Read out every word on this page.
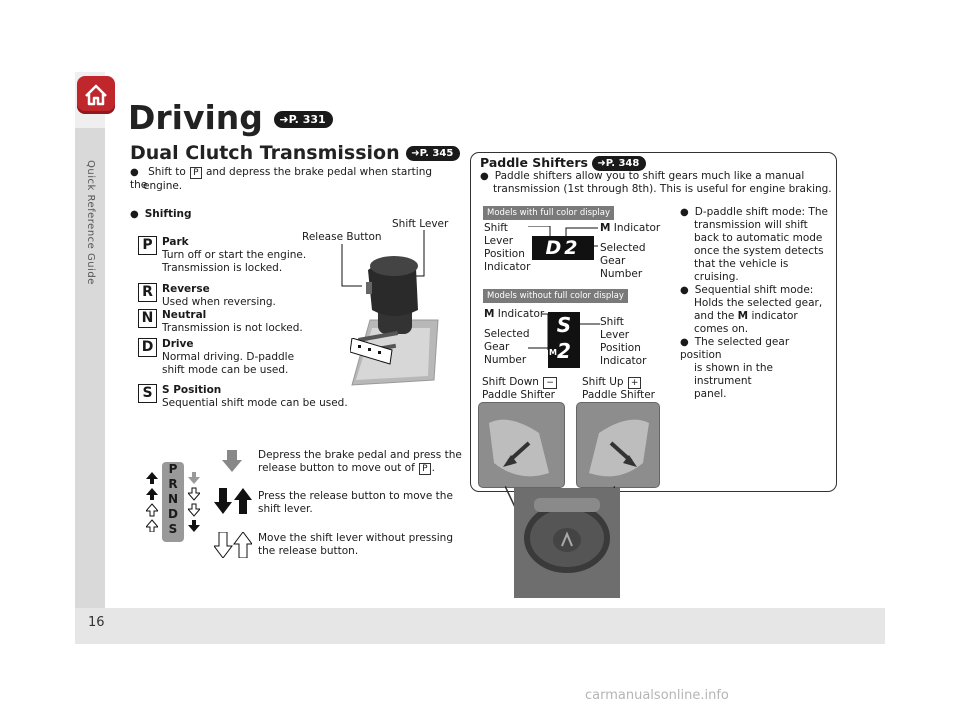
Quick Reference Guide
16
Driving ➜P. 331
Dual Clutch Transmission ➜P. 345
● Shift to P and depress the brake pedal when starting the
engine.
● Shifting
P Park
Turn off or start the engine.
Transmission is locked.
R Reverse
Used when reversing.
N Neutral
Transmission is not locked.
D Drive
Normal driving. D-paddle
shift mode can be used.
S S Position
Sequential shift mode can be used.
Release Button
Shift Lever
P
R
N
D
S
Depress the brake pedal and press the
release button to move out of P .
Press the release button to move the
shift lever.
Move the shift lever without pressing
the release button.
Paddle Shifters ➜P. 348
● Paddle shifters allow you to shift gears much like a manual
transmission (1st through 8th). This is useful for engine braking.
Models with full color display
Shift
Lever
Position
Indicator
M Indicator
Selected
Gear
Number
D2
Models without full color display
M Indicator
Selected
Gear
Number
Shift
Lever
Position
Indicator
S
2
M
● D-paddle shift mode: The
transmission will shift
back to automatic mode
once the system detects
that the vehicle is cruising.
● Sequential shift mode:
Holds the selected gear,
and the M indicator
comes on.
● The selected gear position
is shown in the instrument
panel.
Shift Down −
Paddle Shifter
Shift Up +
Paddle Shifter
carmanualsonline.info
